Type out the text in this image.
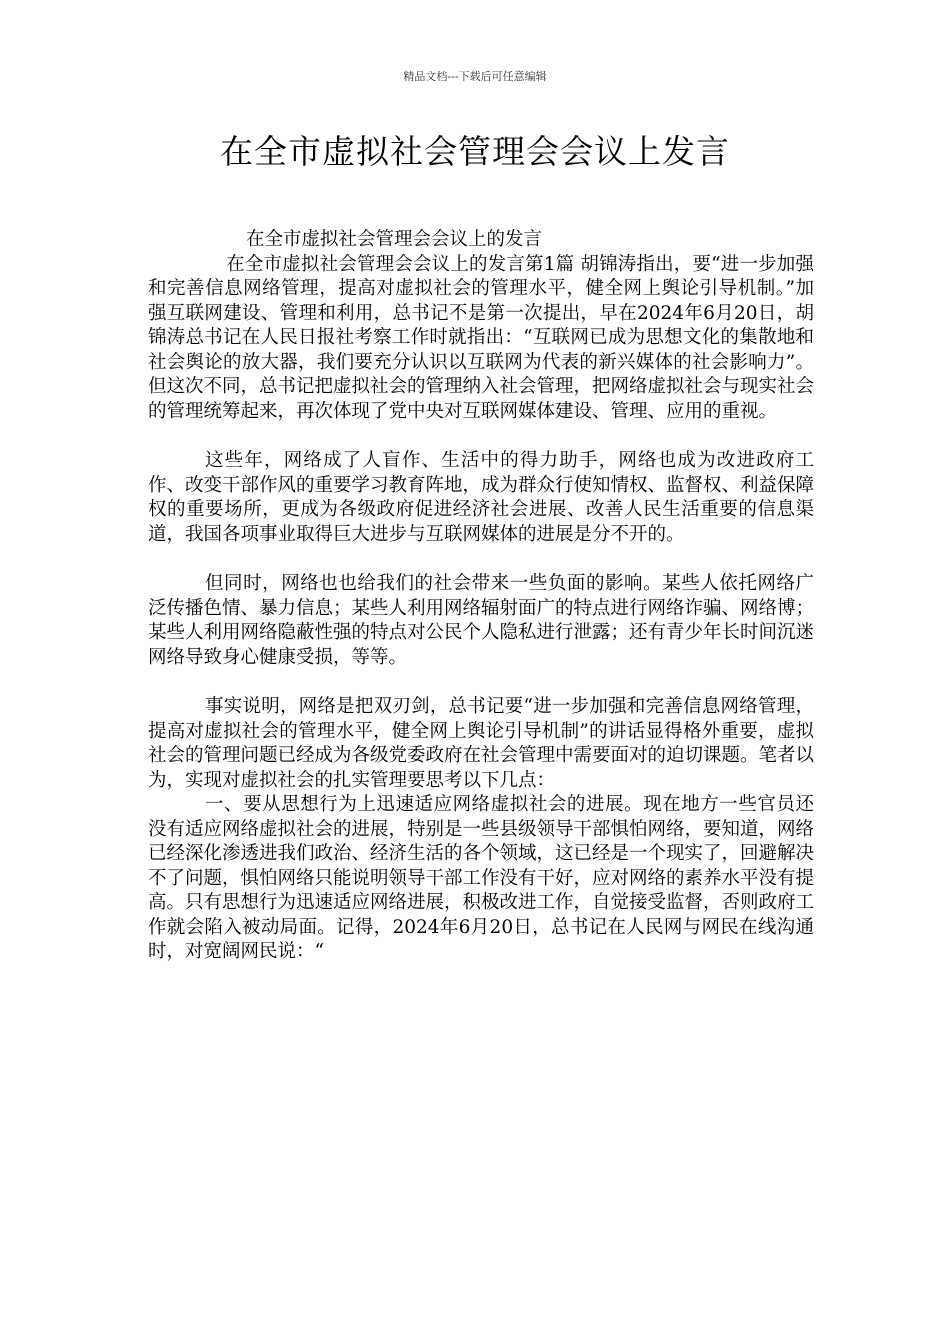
精品文档---下载后可任意编辑
在全市虚拟社会管理会会议上发言

在全市虚拟社会管理会会议上的发言

在全市虚拟社会管理会会议上的发言第1篇 胡锦涛指出，要“进一步加强和完善信息网络管理，提高对虚拟社会的管理水平，健全网上舆论引导机制。”加强互联网建设、管理和利用，总书记不是第一次提出，早在2024年6月20日，胡锦涛总书记在人民日报社考察工作时就指出：“互联网已成为思想文化的集散地和社会舆论的放大器，我们要充分认识以互联网为代表的新兴媒体的社会影响力”。但这次不同，总书记把虚拟社会的管理纳入社会管理，把网络虚拟社会与现实社会的管理统筹起来，再次体现了党中央对互联网媒体建设、管理、应用的重视。

这些年，网络成了人盲作、生活中的得力助手，网络也成为改进政府工作、改变干部作风的重要学习教育阵地，成为群众行使知情权、监督权、利益保障权的重要场所，更成为各级政府促进经济社会进展、改善人民生活重要的信息渠道，我国各项事业取得巨大进步与互联网媒体的进展是分不开的。

但同时，网络也也给我们的社会带来一些负面的影响。某些人依托网络广泛传播色情、暴力信息；某些人利用网络辐射面广的特点进行网络诈骗、网络博；某些人利用网络隐蔽性强的特点对公民个人隐私进行泄露；还有青少年长时间沉迷网络导致身心健康受损，等等。

事实说明，网络是把双刃剑，总书记要“进一步加强和完善信息网络管理，提高对虚拟社会的管理水平，健全网上舆论引导机制”的讲话显得格外重要，虚拟社会的管理问题已经成为各级党委政府在社会管理中需要面对的迫切课题。笔者以为，实现对虚拟社会的扎实管理要思考以下几点：

一、要从思想行为上迅速适应网络虚拟社会的进展。现在地方一些官员还没有适应网络虚拟社会的进展，特别是一些县级领导干部惧怕网络，要知道，网络已经深化渗透进我们政治、经济生活的各个领域，这已经是一个现实了，回避解决不了问题，惧怕网络只能说明领导干部工作没有干好，应对网络的素养水平没有提高。只有思想行为迅速适应网络进展，积极改进工作，自觉接受监督，否则政府工作就会陷入被动局面。记得，2024年6月20日，总书记在人民网与网民在线沟通时，对宽阔网民说：“
